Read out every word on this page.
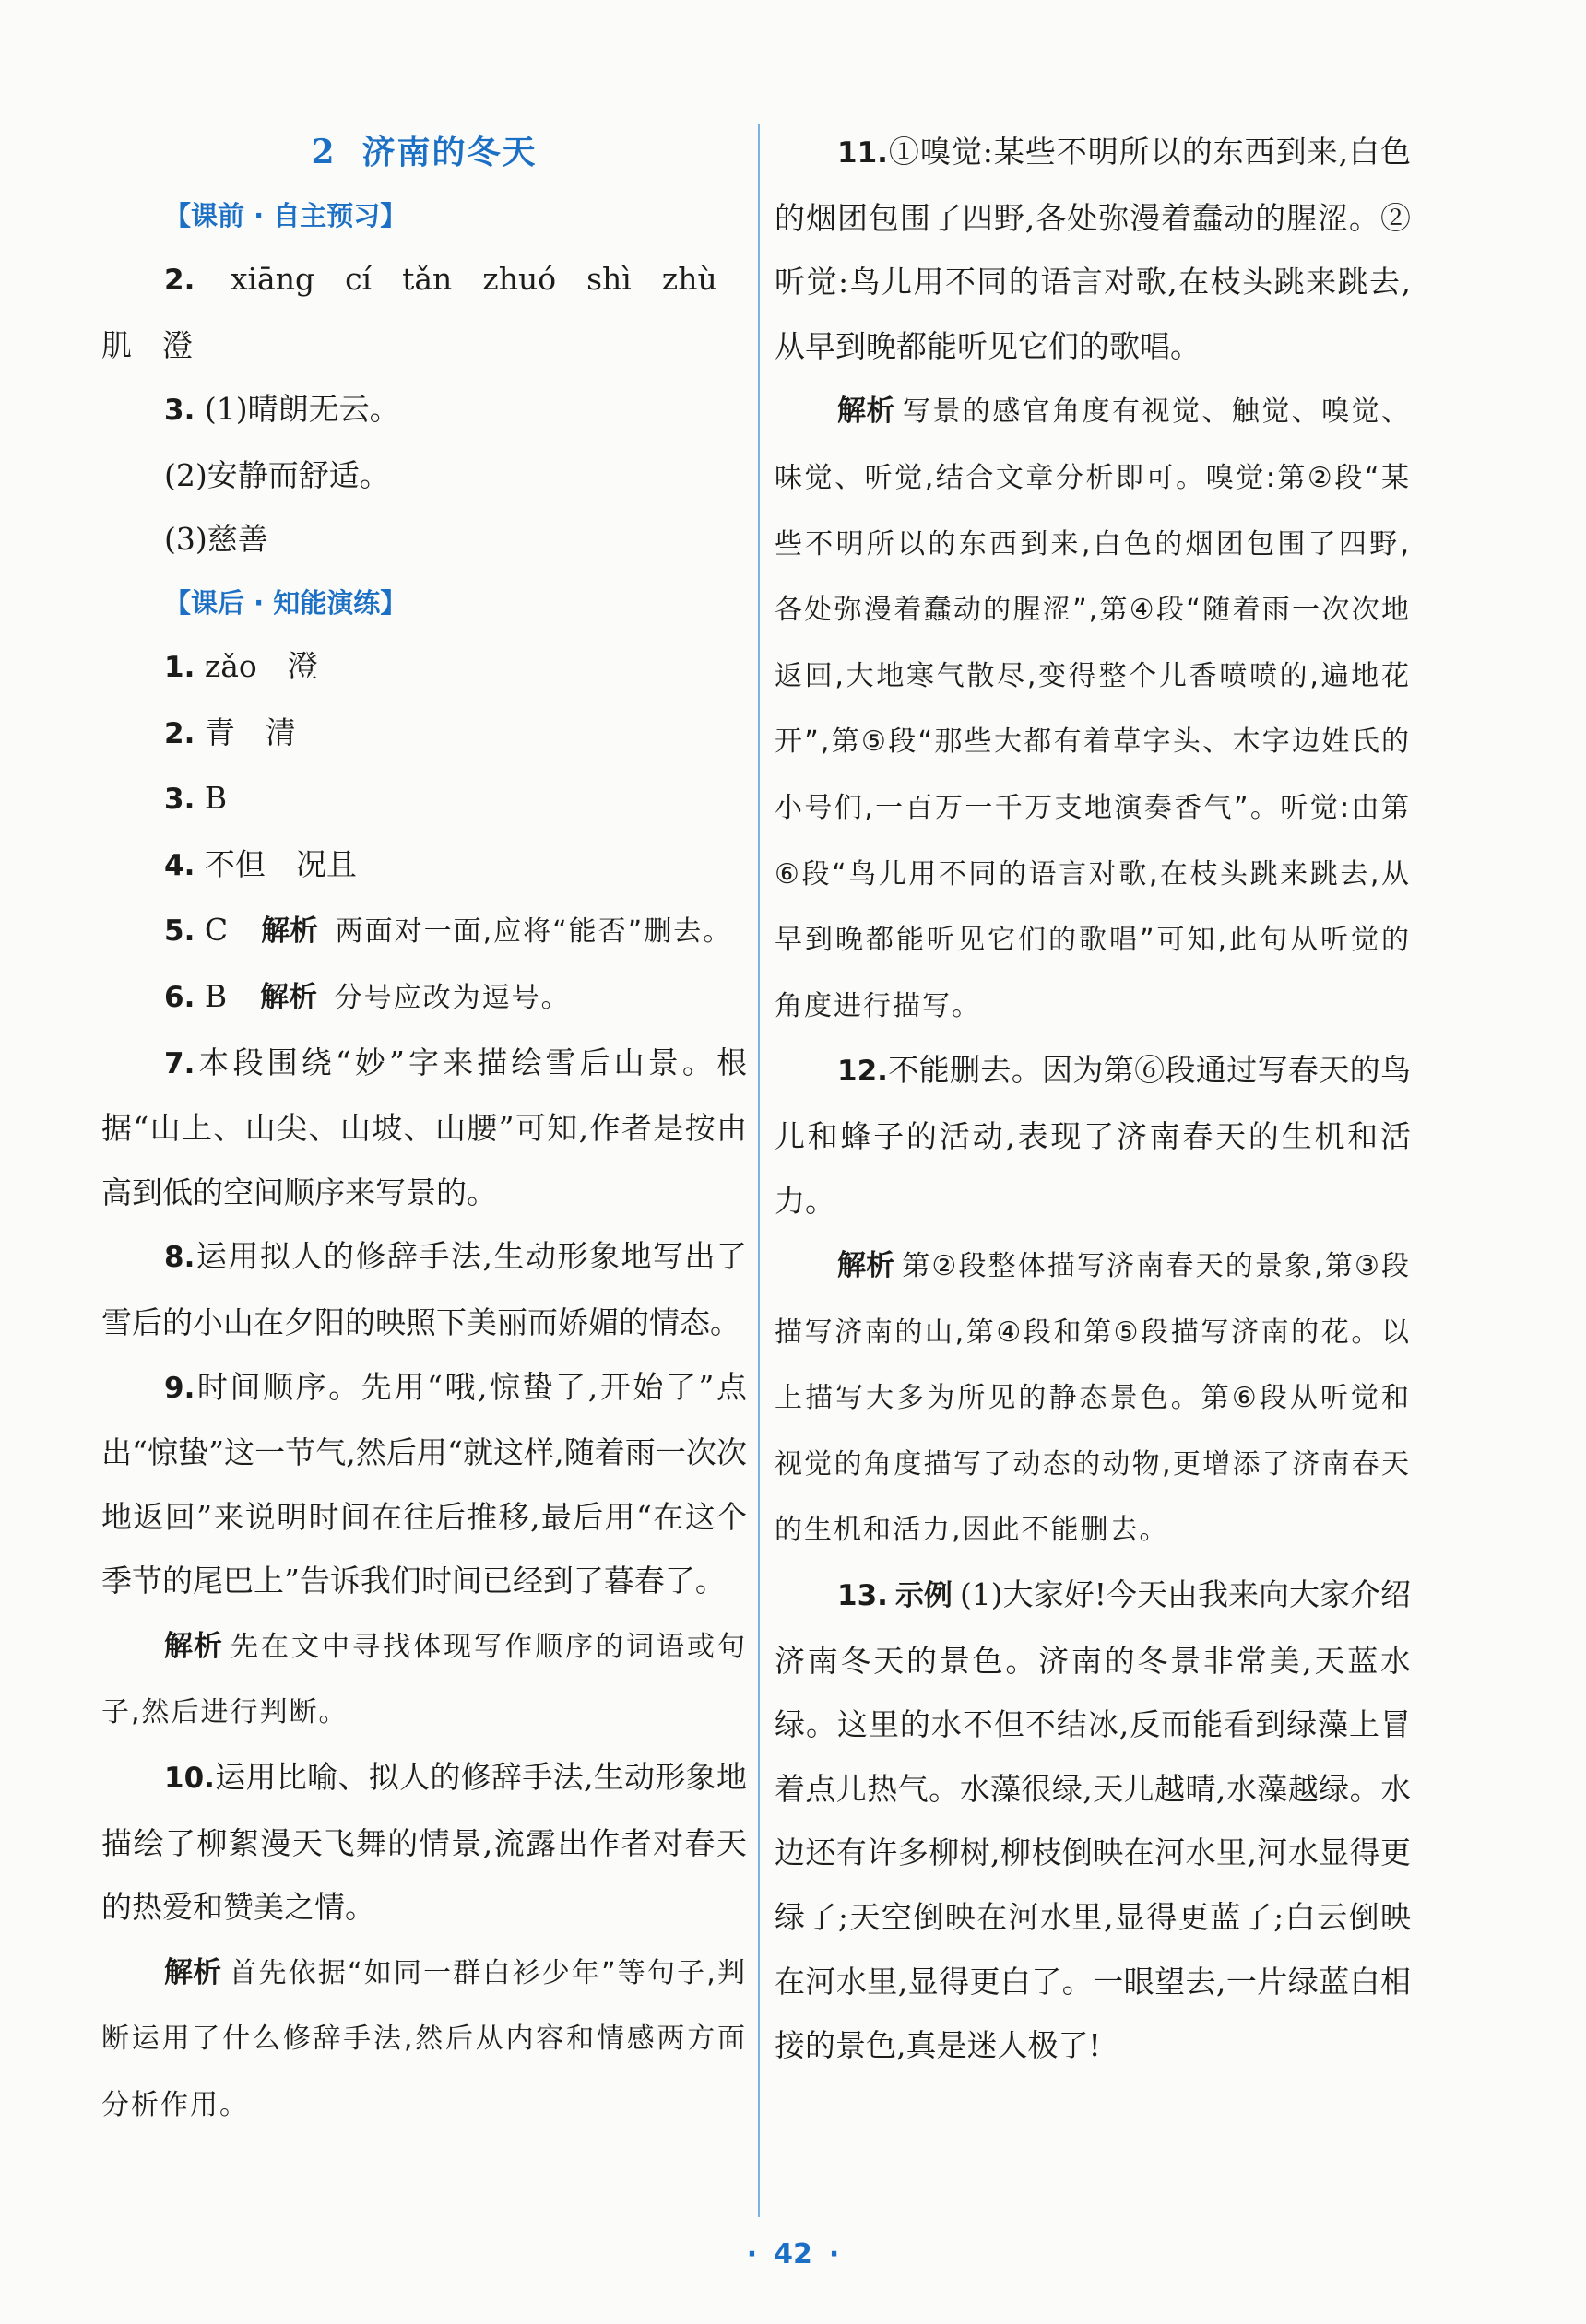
2 济南的冬天
【课前 · 自主预习】

2. xiāng　cí　tǎn　zhuó　shì　zhù

肌　澄

3. (1)晴朗无云。

(2)安静而舒适。

(3)慈善

【课后 · 知能演练】

1. zǎo　澄

2. 青　清

3. B

4. 不但　况且

5. C 解析 两面对一面,应将“能否”删去。

6. B 解析 分号应改为逗号。

7.本段围绕“妙”字来描绘雪后山景。根据“山上、山尖、山坡、山腰”可知,作者是按由高到低的空间顺序来写景的。

8.运用拟人的修辞手法,生动形象地写出了雪后的小山在夕阳的映照下美丽而娇媚的情态。

9.时间顺序。先用“哦,惊蛰了,开始了”点出“惊蛰”这一节气,然后用“就这样,随着雨一次次地返回”来说明时间在往后推移,最后用“在这个季节的尾巴上”告诉我们时间已经到了暮春了。

解析 先在文中寻找体现写作顺序的词语或句子,然后进行判断。

10.运用比喻、拟人的修辞手法,生动形象地描绘了柳絮漫天飞舞的情景,流露出作者对春天的热爱和赞美之情。

解析 首先依据“如同一群白衫少年”等句子,判断运用了什么修辞手法,然后从内容和情感两方面分析作用。

11.①嗅觉:某些不明所以的东西到来,白色的烟团包围了四野,各处弥漫着蠢动的腥涩。②听觉:鸟儿用不同的语言对歌,在枝头跳来跳去,从早到晚都能听见它们的歌唱。

解析 写景的感官角度有视觉、触觉、嗅觉、味觉、听觉,结合文章分析即可。嗅觉:第②段“某些不明所以的东西到来,白色的烟团包围了四野,各处弥漫着蠢动的腥涩”,第④段“随着雨一次次地返回,大地寒气散尽,变得整个儿香喷喷的,遍地花开”,第⑤段“那些大都有着草字头、木字边姓氏的小号们,一百万一千万支地演奏香气”。听觉:由第⑥段“鸟儿用不同的语言对歌,在枝头跳来跳去,从早到晚都能听见它们的歌唱”可知,此句从听觉的角度进行描写。

12.不能删去。因为第⑥段通过写春天的鸟儿和蜂子的活动,表现了济南春天的生机和活力。

解析 第②段整体描写济南春天的景象,第③段描写济南的山,第④段和第⑤段描写济南的花。以上描写大多为所见的静态景色。第⑥段从听觉和视觉的角度描写了动态的动物,更增添了济南春天的生机和活力,因此不能删去。

13. 示例 (1)大家好!今天由我来向大家介绍济南冬天的景色。济南的冬景非常美,天蓝水绿。这里的水不但不结冰,反而能看到绿藻上冒着点儿热气。水藻很绿,天儿越晴,水藻越绿。水边还有许多柳树,柳枝倒映在河水里,河水显得更绿了;天空倒映在河水里,显得更蓝了;白云倒映在河水里,显得更白了。一眼望去,一片绿蓝白相接的景色,真是迷人极了!

· 42 ·
